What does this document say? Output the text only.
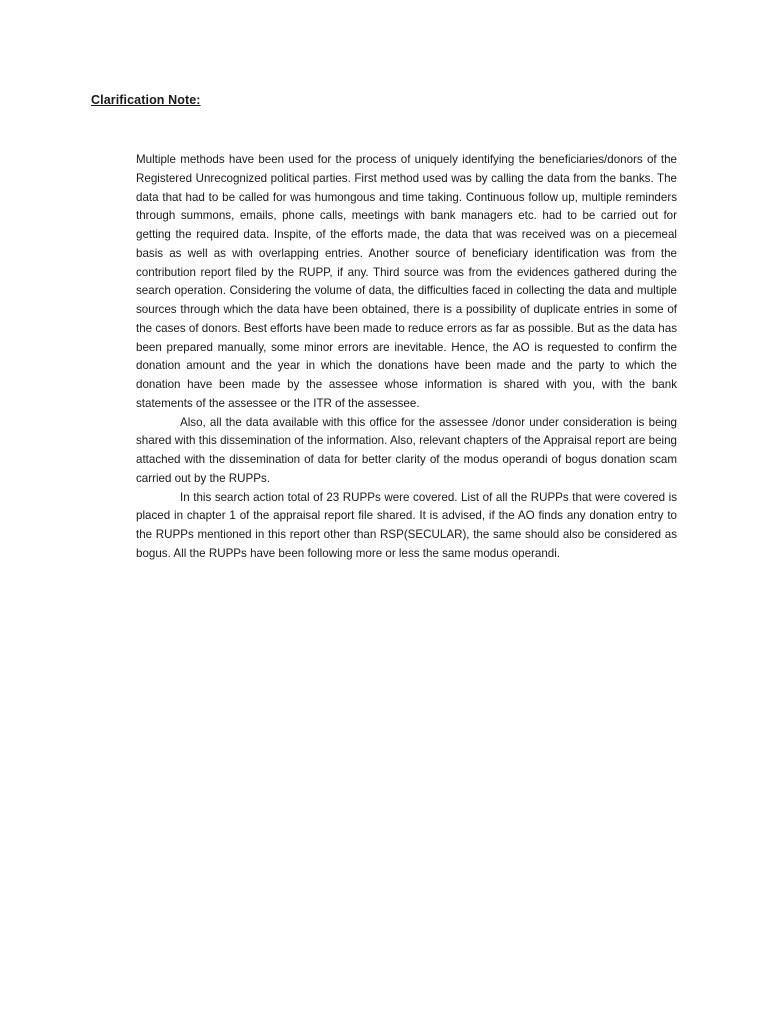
Clarification Note:

Multiple methods have been used for the process of uniquely identifying the beneficiaries/donors of the Registered Unrecognized political parties. First method used was by calling the data from the banks. The data that had to be called for was humongous and time taking. Continuous follow up, multiple reminders through summons, emails, phone calls, meetings with bank managers etc. had to be carried out for getting the required data. Inspite, of the efforts made, the data that was received was on a piecemeal basis as well as with overlapping entries. Another source of beneficiary identification was from the contribution report filed by the RUPP, if any. Third source was from the evidences gathered during the search operation. Considering the volume of data, the difficulties faced in collecting the data and multiple sources through which the data have been obtained, there is a possibility of duplicate entries in some of the cases of donors. Best efforts have been made to reduce errors as far as possible. But as the data has been prepared manually, some minor errors are inevitable. Hence, the AO is requested to confirm the donation amount and the year in which the donations have been made and the party to which the donation have been made by the assessee whose information is shared with you, with the bank statements of the assessee or the ITR of the assessee.

Also, all the data available with this office for the assessee /donor under consideration is being shared with this dissemination of the information. Also, relevant chapters of the Appraisal report are being attached with the dissemination of data for better clarity of the modus operandi of bogus donation scam carried out by the RUPPs.

In this search action total of 23 RUPPs were covered. List of all the RUPPs that were covered is placed in chapter 1 of the appraisal report file shared. It is advised, if the AO finds any donation entry to the RUPPs mentioned in this report other than RSP(SECULAR), the same should also be considered as bogus. All the RUPPs have been following more or less the same modus operandi.
